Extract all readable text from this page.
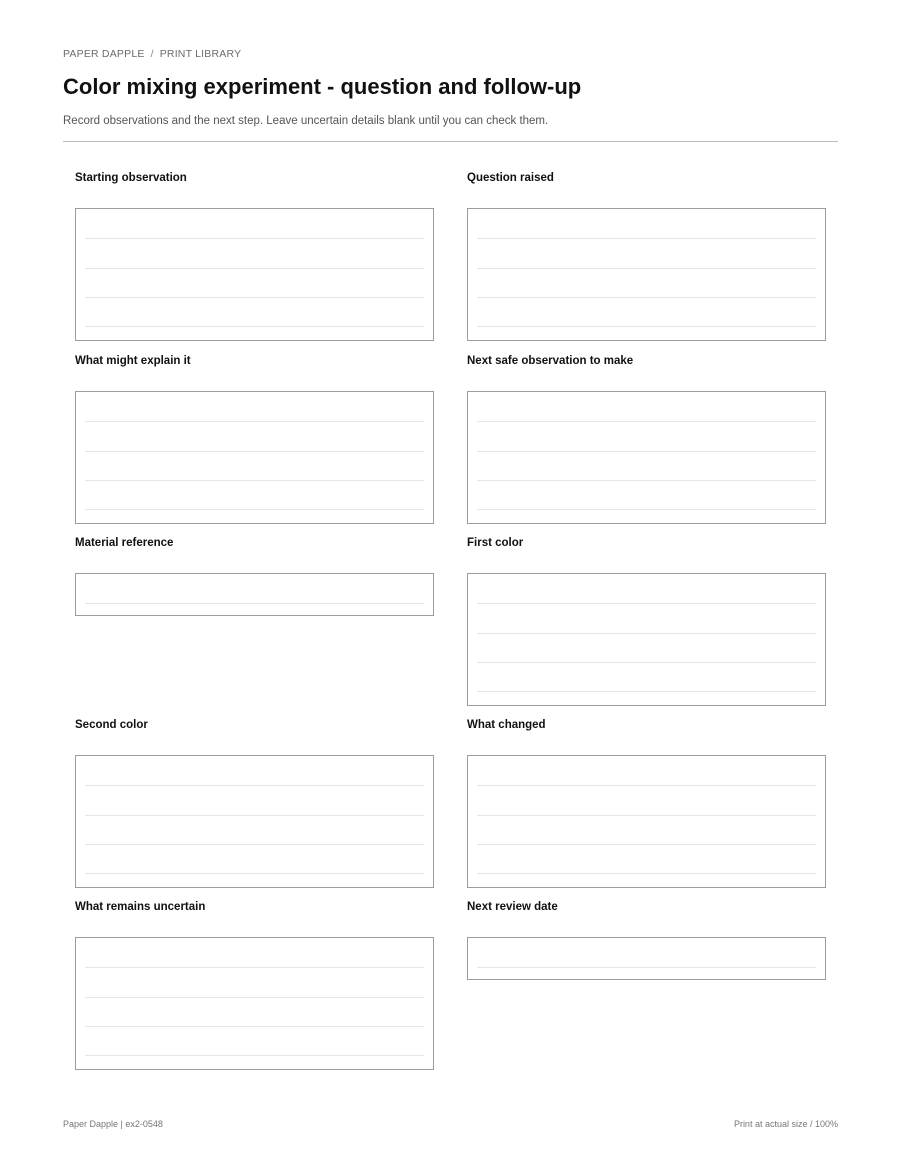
PAPER DAPPLE / PRINT LIBRARY
Color mixing experiment - question and follow-up
Record observations and the next step. Leave uncertain details blank until you can check them.
Starting observation	Question raised
What might explain it	Next safe observation to make
Material reference	First color
Second color	What changed
What remains uncertain	Next review date
Paper Dapple | ex2-0548	Print at actual size / 100%
